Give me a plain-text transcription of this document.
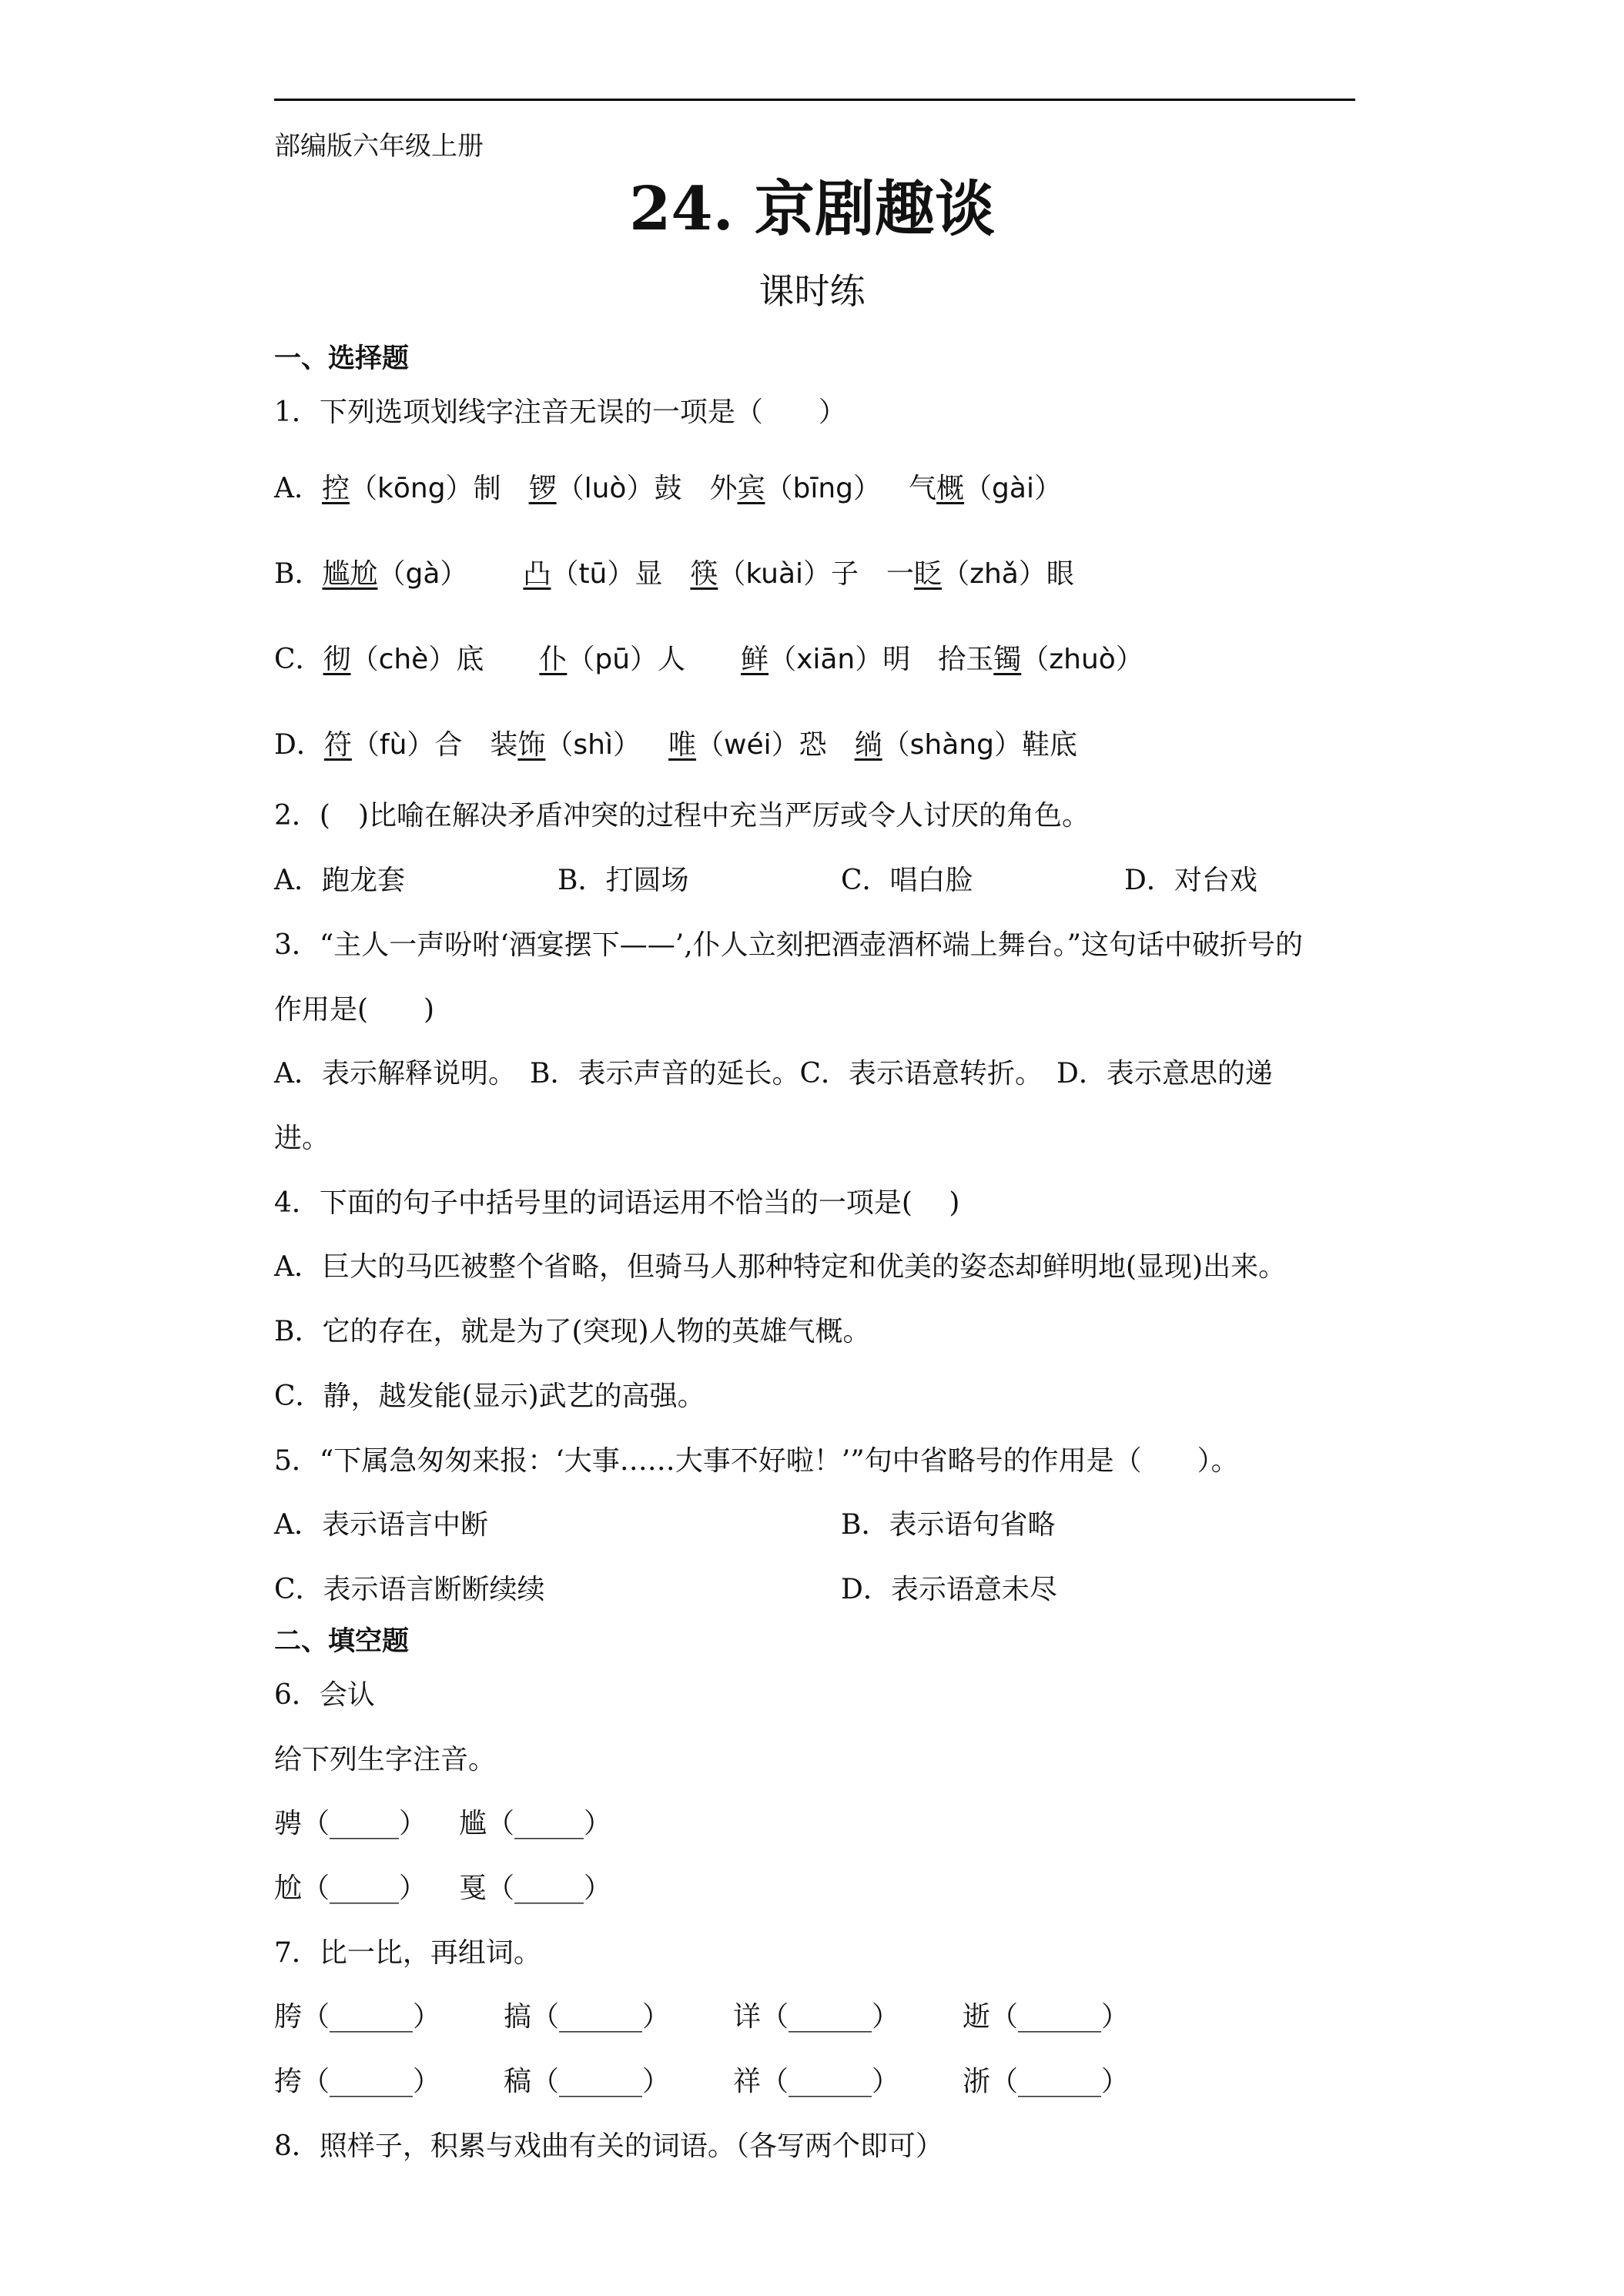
部编版六年级上册
24. 京剧趣谈
课时练
一、选择题
1．下列选项划线字注音无误的一项是（　　）
A．控（kōng）制　锣（luò）鼓　外宾（bīng）　气概（gài）
B．尴尬（gà）　　 凸（tū）显　筷（kuài）子　一眨（zhǎ）眼
C．彻（chè）底　　仆（pū）人　　鲜（xiān）明　拾玉镯（zhuò）
D．符（fù）合　装饰（shì）　 唯（wéi）恐　绱（shàng）鞋底
2．(　)比喻在解决矛盾冲突的过程中充当严厉或令人讨厌的角色。
A．跑龙套	B．打圆场	C．唱白脸	D．对台戏
3．“主人一声吩咐‘酒宴摆下——’,仆人立刻把酒壶酒杯端上舞台。”这句话中破折号的
作用是(　　)
A．表示解释说明。　B．表示声音的延长。C．表示语意转折。　D．表示意思的递
进。
4．下面的句子中括号里的词语运用不恰当的一项是(　 )
A．巨大的马匹被整个省略，但骑马人那种特定和优美的姿态却鲜明地(显现)出来。
B．它的存在，就是为了(突现)人物的英雄气概。
C．静，越发能(显示)武艺的高强。
5．“下属急匆匆来报：‘大事……大事不好啦！’”句中省略号的作用是（　　）。
A．表示语言中断	B．表示语句省略
C．表示语言断断续续	D．表示语意未尽
二、填空题
6．会认
给下列生字注音。
骋（_____） 尴（_____）
尬（_____） 戛（_____）
7．比一比，再组词。
胯（______） 搞（______） 详（______） 逝（______）
挎（______） 稿（______） 祥（______） 浙（______）
8．照样子，积累与戏曲有关的词语。（各写两个即可）
